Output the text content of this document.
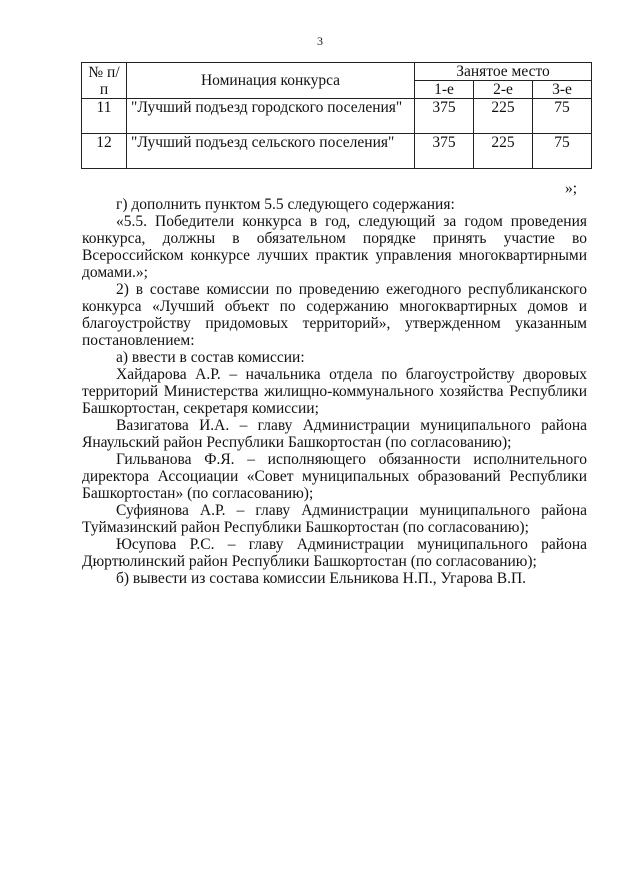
3
№ п/п	Номинация конкурса	Занятое место		
		1-е	2-е	3-е
11	"Лучший подъезд городского поселения"	375	225	75
12	"Лучший подъезд сельского поселения"	375	225	75
»;

г) дополнить пунктом 5.5 следующего содержания:

«5.5. Победители конкурса в год, следующий за годом проведения конкурса, должны в обязательном порядке принять участие во Всероссийском конкурсе лучших практик управления многоквартирными домами.»;

2) в составе комиссии по проведению ежегодного республиканского конкурса «Лучший объект по содержанию многоквартирных домов и благоустройству придомовых территорий», утвержденном указанным постановлением:

а) ввести в состав комиссии:

Хайдарова А.Р. – начальника отдела по благоустройству дворовых территорий Министерства жилищно-коммунального хозяйства Республики Башкортостан, секретаря комиссии;

Вазигатова И.А. – главу Администрации муниципального района Янаульский район Республики Башкортостан (по согласованию);

Гильванова Ф.Я. – исполняющего обязанности исполнительного директора Ассоциации «Совет муниципальных образований Республики Башкортостан» (по согласованию);

Суфиянова А.Р. – главу Администрации муниципального района Туймазинский район Республики Башкортостан (по согласованию);

Юсупова Р.С. – главу Администрации муниципального района Дюртюлинский район Республики Башкортостан (по согласованию);

б) вывести из состава комиссии Ельникова Н.П., Угарова В.П.
